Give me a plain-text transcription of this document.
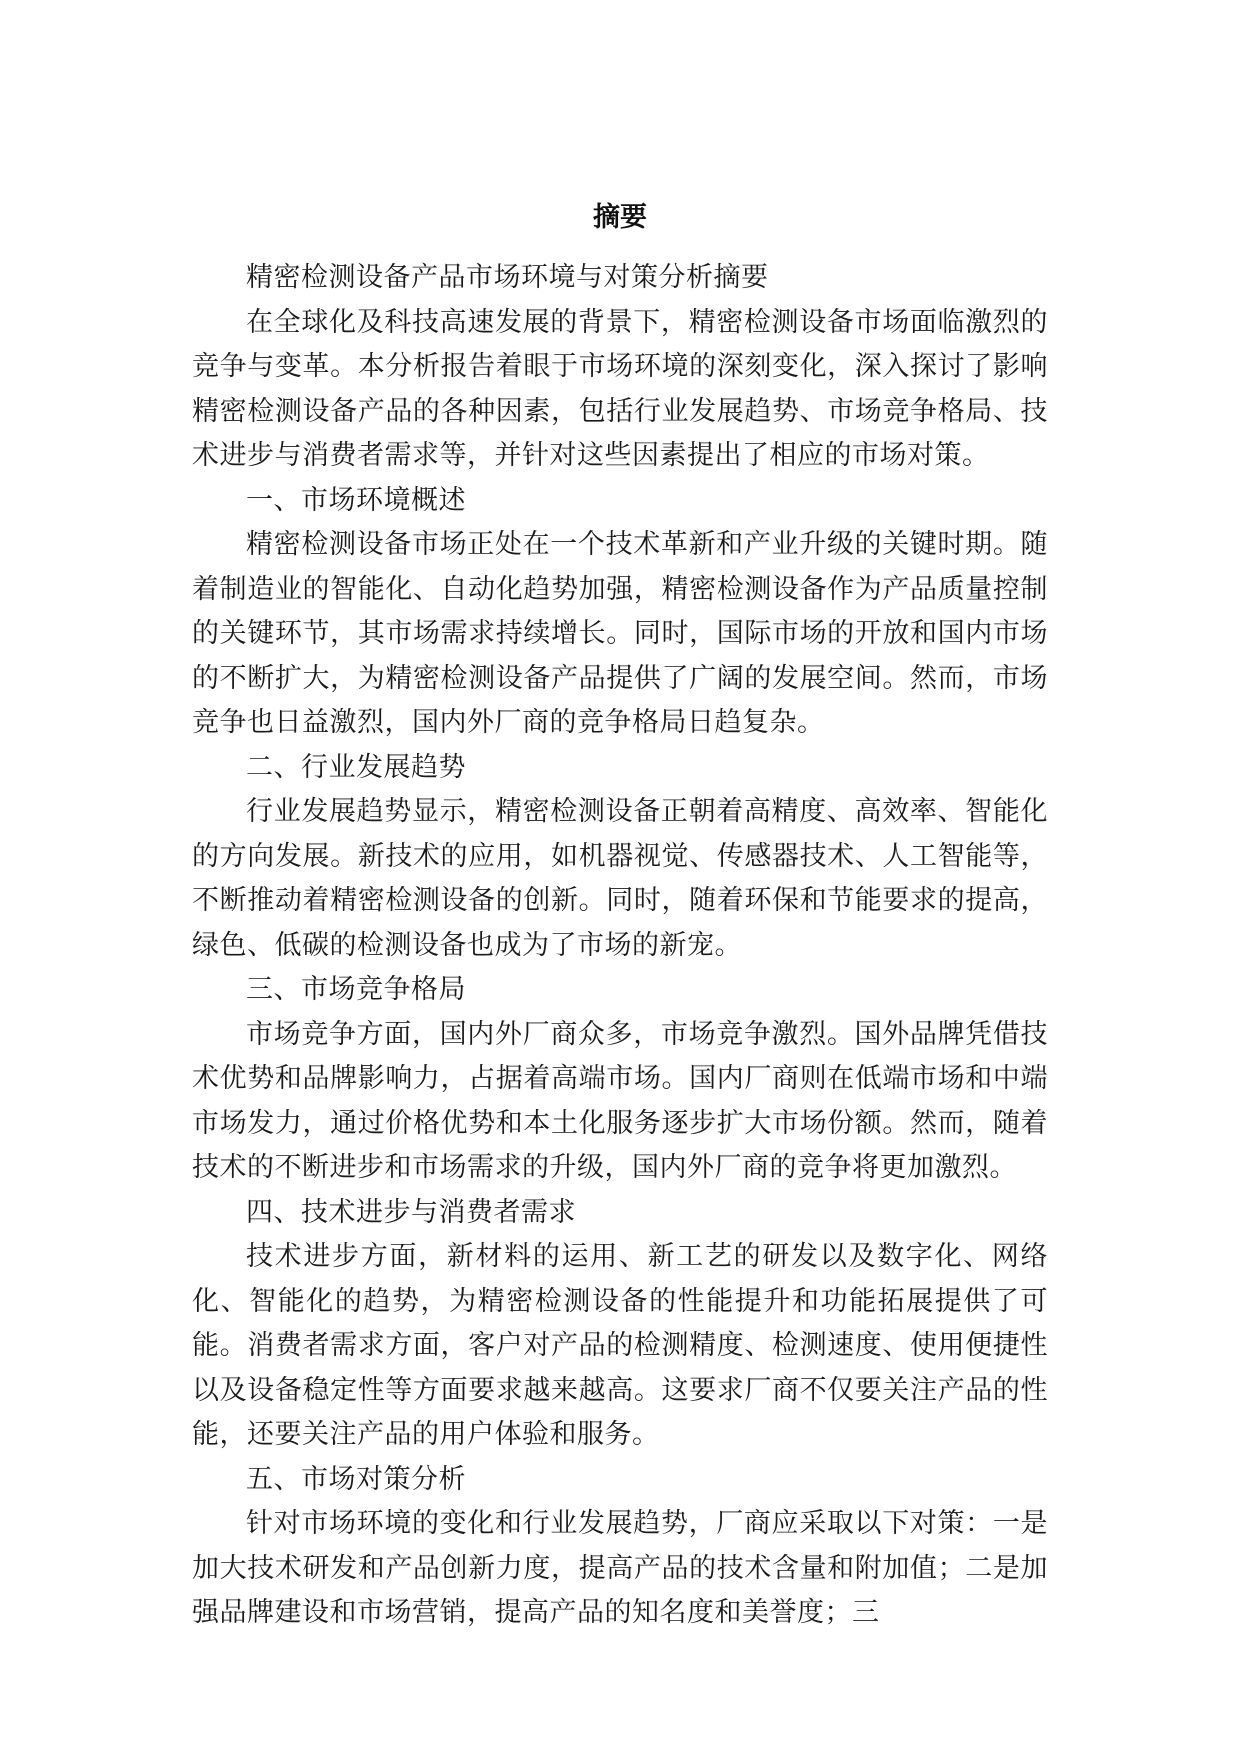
摘要

精密检测设备产品市场环境与对策分析摘要

在全球化及科技高速发展的背景下，精密检测设备市场面临激烈的竞争与变革。本分析报告着眼于市场环境的深刻变化，深入探讨了影响精密检测设备产品的各种因素，包括行业发展趋势、市场竞争格局、技术进步与消费者需求等，并针对这些因素提出了相应的市场对策。

一、市场环境概述

精密检测设备市场正处在一个技术革新和产业升级的关键时期。随着制造业的智能化、自动化趋势加强，精密检测设备作为产品质量控制的关键环节，其市场需求持续增长。同时，国际市场的开放和国内市场的不断扩大，为精密检测设备产品提供了广阔的发展空间。然而，市场竞争也日益激烈，国内外厂商的竞争格局日趋复杂。

二、行业发展趋势

行业发展趋势显示，精密检测设备正朝着高精度、高效率、智能化的方向发展。新技术的应用，如机器视觉、传感器技术、人工智能等，不断推动着精密检测设备的创新。同时，随着环保和节能要求的提高，绿色、低碳的检测设备也成为了市场的新宠。

三、市场竞争格局

市场竞争方面，国内外厂商众多，市场竞争激烈。国外品牌凭借技术优势和品牌影响力，占据着高端市场。国内厂商则在低端市场和中端市场发力，通过价格优势和本土化服务逐步扩大市场份额。然而，随着技术的不断进步和市场需求的升级，国内外厂商的竞争将更加激烈。

四、技术进步与消费者需求

技术进步方面，新材料的运用、新工艺的研发以及数字化、网络化、智能化的趋势，为精密检测设备的性能提升和功能拓展提供了可能。消费者需求方面，客户对产品的检测精度、检测速度、使用便捷性以及设备稳定性等方面要求越来越高。这要求厂商不仅要关注产品的性能，还要关注产品的用户体验和服务。

五、市场对策分析

针对市场环境的变化和行业发展趋势，厂商应采取以下对策：一是加大技术研发和产品创新力度，提高产品的技术含量和附加值；二是加强品牌建设和市场营销，提高产品的知名度和美誉度；三
